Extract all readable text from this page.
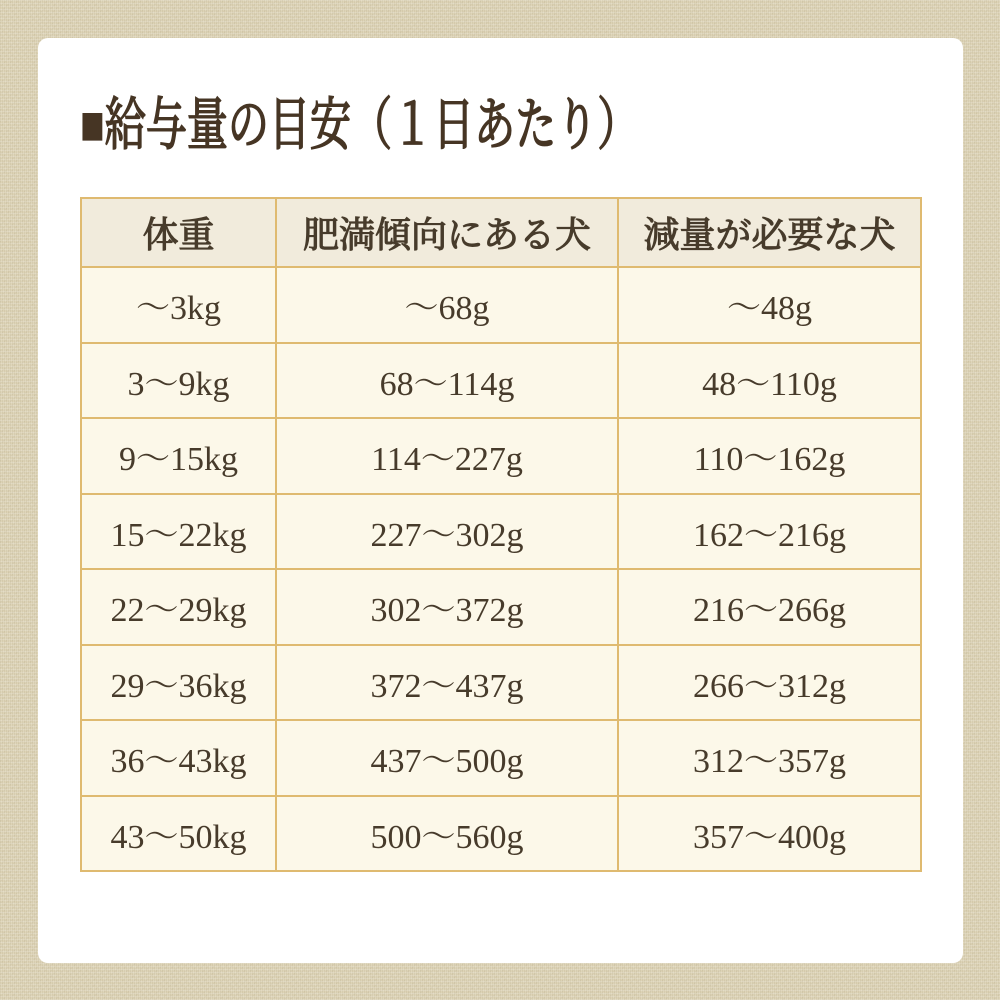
■給与量の目安（１日あたり）
体重	肥満傾向にある犬	減量が必要な犬
～3kg	～68g	～48g
3～9kg	68～114g	48～110g
9～15kg	114～227g	110～162g
15～22kg	227～302g	162～216g
22～29kg	302～372g	216～266g
29～36kg	372～437g	266～312g
36～43kg	437～500g	312～357g
43～50kg	500～560g	357～400g
